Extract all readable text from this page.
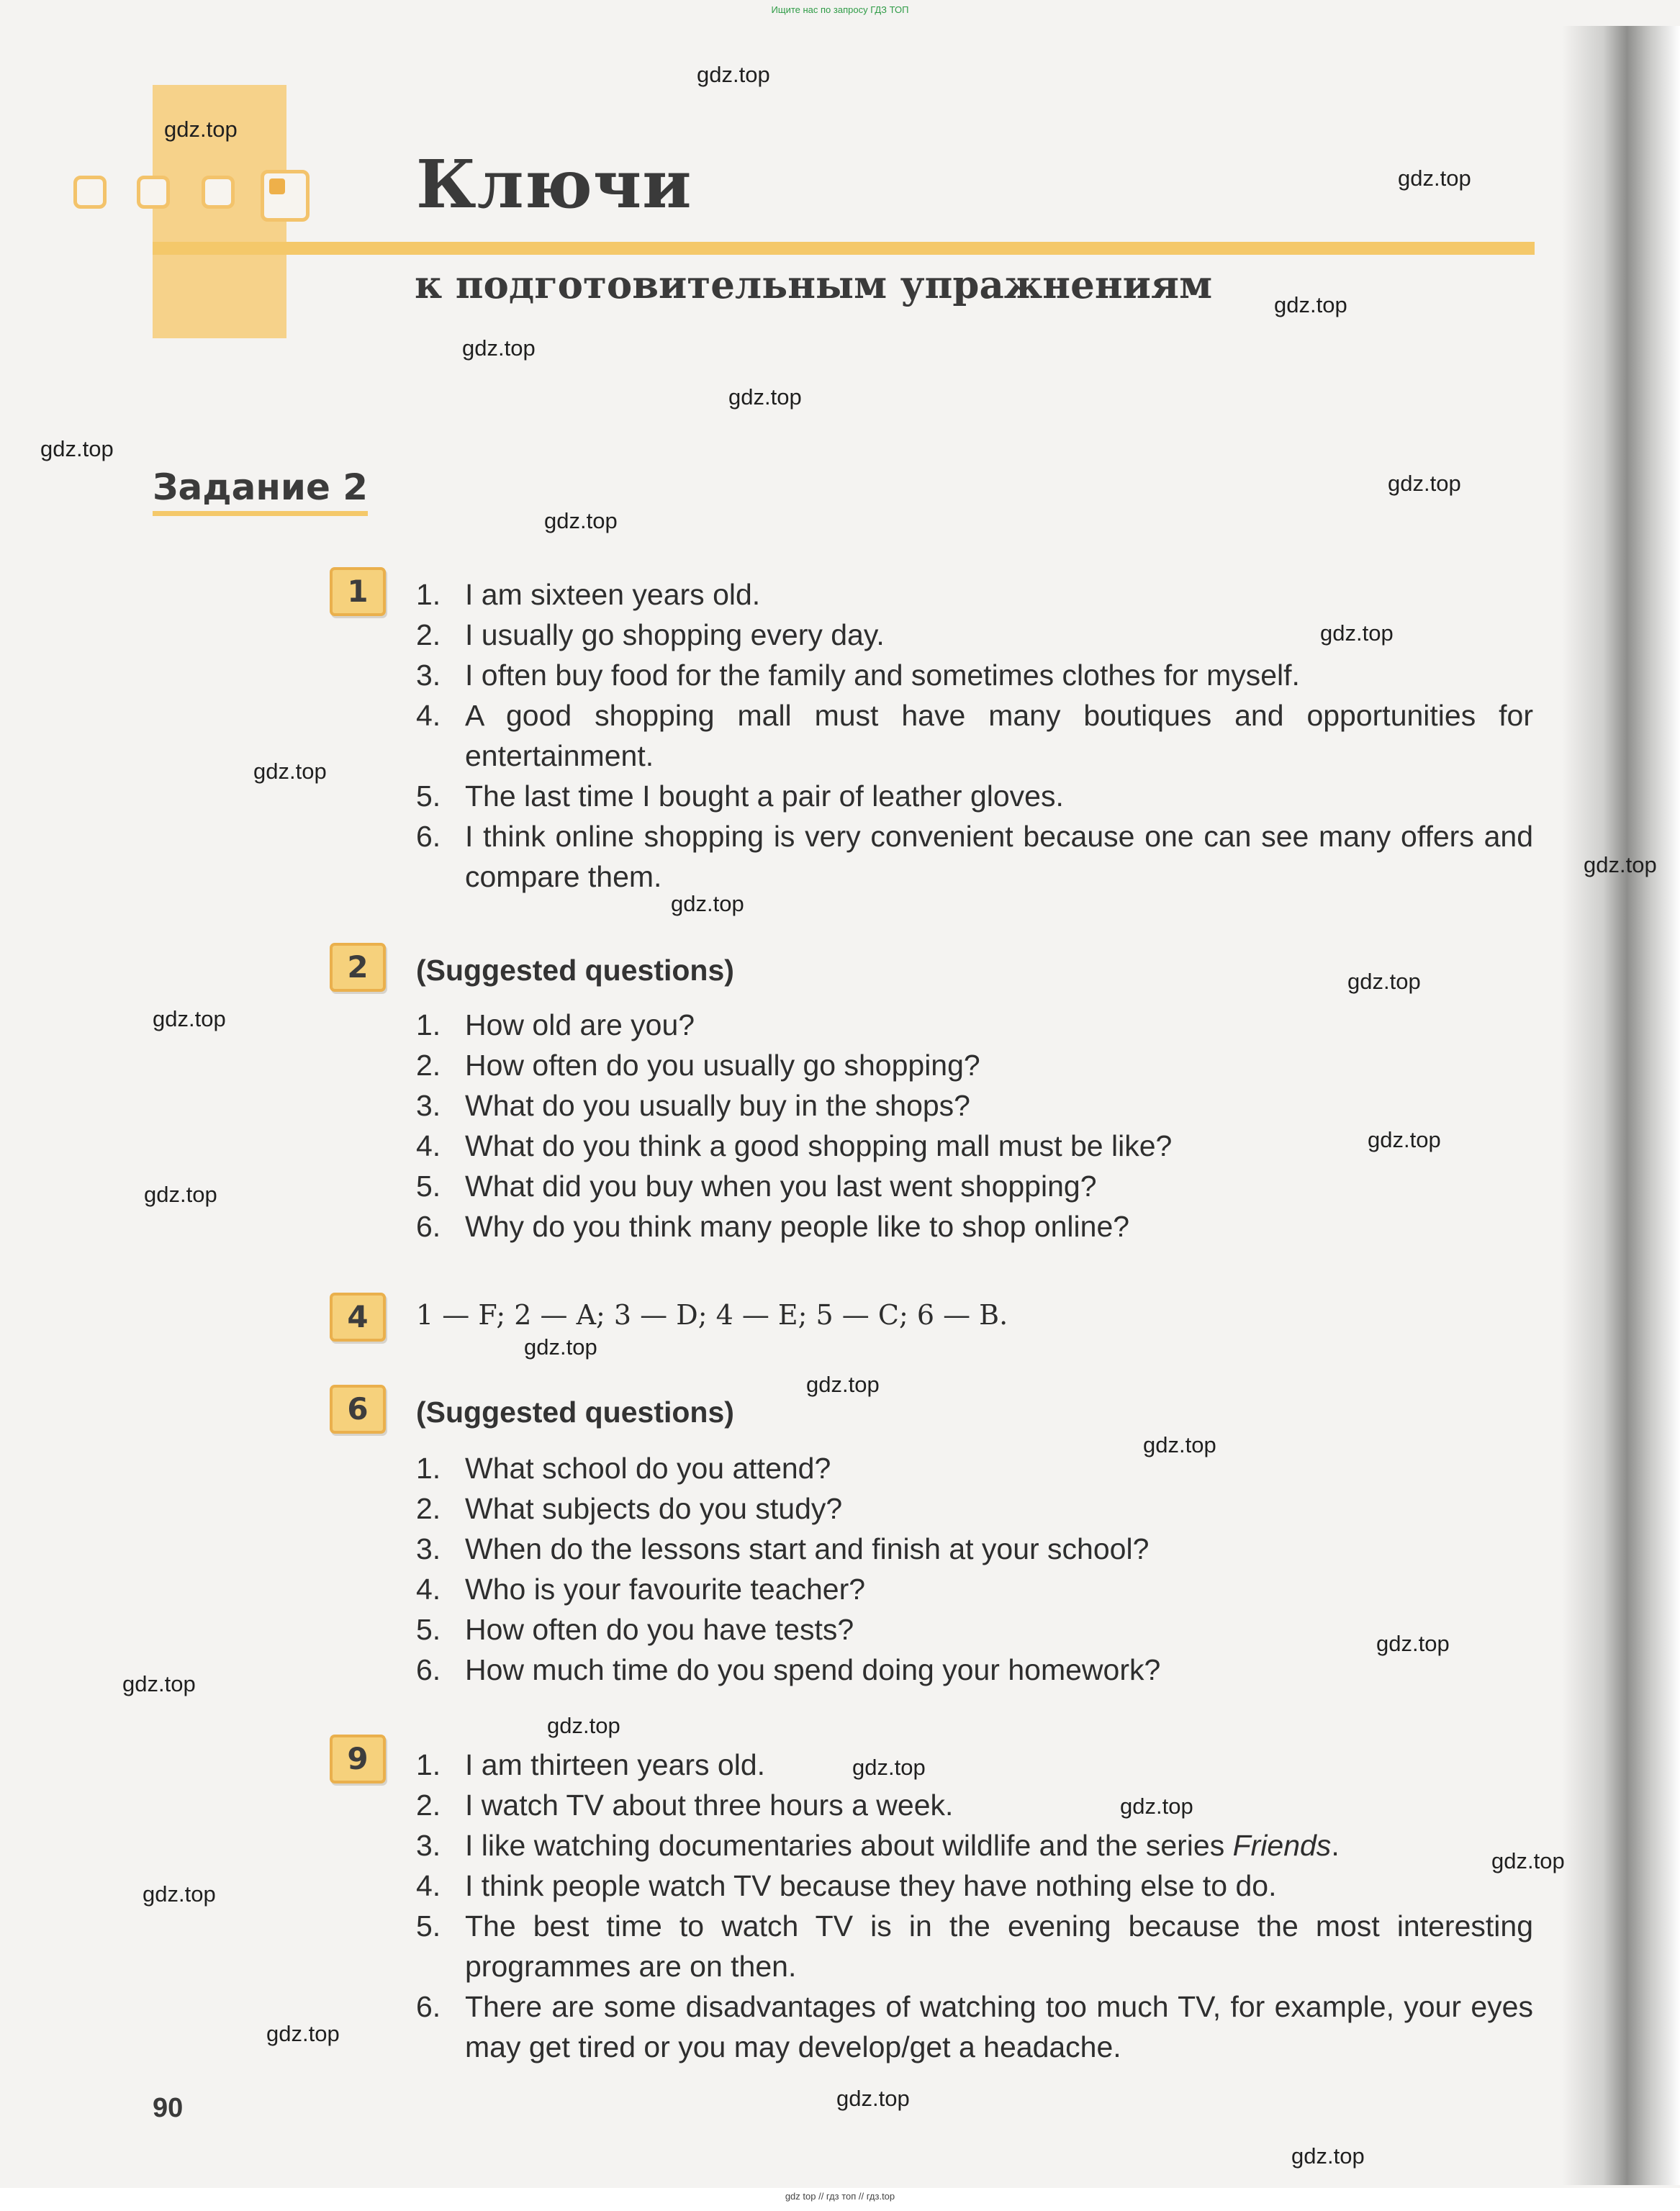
Ищите нас по запросу ГДЗ ТОП
Ключи
к подготовительным упражнениям
Задание 2
1	1. I am sixteen years old.
2. I usually go shopping every day.
3. I often buy food for the family and sometimes clothes for myself.
4. A good shopping mall must have many boutiques and opportunities for entertainment.
5. The last time I bought a pair of leather gloves.
6. I think online shopping is very convenient because one can see many offers and compare them.
2	(Suggested questions)
1. How old are you?
2. How often do you usually go shopping?
3. What do you usually buy in the shops?
4. What do you think a good shopping mall must be like?
5. What did you buy when you last went shopping?
6. Why do you think many people like to shop online?
4	1 — F; 2 — A; 3 — D; 4 — E; 5 — C; 6 — B.
6	(Suggested questions)
1. What school do you attend?
2. What subjects do you study?
3. When do the lessons start and finish at your school?
4. Who is your favourite teacher?
5. How often do you have tests?
6. How much time do you spend doing your homework?
9	1. I am thirteen years old.
2. I watch TV about three hours a week.
3. I like watching documentaries about wildlife and the series Friends.
4. I think people watch TV because they have nothing else to do.
5. The best time to watch TV is in the evening because the most interesting programmes are on then.
6. There are some disadvantages of watching too much TV, for example, your eyes may get tired or you may develop/get a headache.
90
gdz.top
gdz.top
gdz.top
gdz.top
gdz.top
gdz.top
gdz.top
gdz.top
gdz.top
gdz.top
gdz.top
gdz.top
gdz.top
gdz.top
gdz.top
gdz.top
gdz.top
gdz.top
gdz.top
gdz.top
gdz.top
gdz.top
gdz.top
gdz.top
gdz.top
gdz.top
gdz.top
gdz.top
gdz.top
gdz.top
gdz top // гдз топ // гдз.top
